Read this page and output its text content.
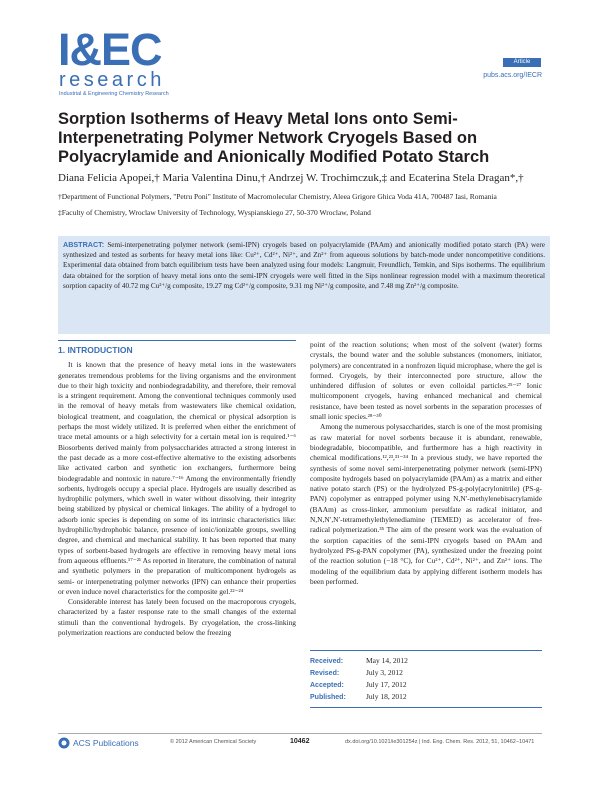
I&EC
research
Industrial & Engineering Chemistry Research
Article
pubs.acs.org/IECR
Sorption Isotherms of Heavy Metal Ions onto Semi-Interpenetrating Polymer Network Cryogels Based on Polyacrylamide and Anionically Modified Potato Starch
Diana Felicia Apopei,† Maria Valentina Dinu,† Andrzej W. Trochimczuk,‡ and Ecaterina Stela Dragan*,†

†Department of Functional Polymers, "Petru Poni" Institute of Macromolecular Chemistry, Aleea Grigore Ghica Voda 41A, 700487 Iasi, Romania

‡Faculty of Chemistry, Wroclaw University of Technology, Wyspianskiego 27, 50-370 Wroclaw, Poland

ABSTRACT: Semi-interpenetrating polymer network (semi-IPN) cryogels based on polyacrylamide (PAAm) and anionically modified potato starch (PA) were synthesized and tested as sorbents for heavy metal ions like: Cu²⁺, Cd²⁺, Ni²⁺, and Zn²⁺ from aqueous solutions by batch-mode under noncompetitive conditions. Experimental data obtained from batch equilibrium tests have been analyzed using four models: Langmuir, Freundlich, Temkin, and Sips isotherms. The equilibrium data obtained for the sorption of heavy metal ions onto the semi-IPN cryogels were well fitted in the Sips nonlinear regression model with a maximum theoretical sorption capacity of 40.72 mg Cu²⁺/g composite, 19.27 mg Cd²⁺/g composite, 9.31 mg Ni²⁺/g composite, and 7.48 mg Zn²⁺/g composite.
1. INTRODUCTION

It is known that the presence of heavy metal ions in the wastewaters generates tremendous problems for the living organisms and the environment due to their high toxicity and nonbiodegradability, and therefore, their removal is a stringent requirement. Among the conventional techniques commonly used in the removal of heavy metals from wastewaters like chemical oxidation, biological treatment, and coagulation, the chemical or physical adsorption is perhaps the most widely utilized. It is preferred when either the enrichment of trace metal amounts or a high selectivity for a certain metal ion is required.¹⁻⁶ Biosorbents derived mainly from polysaccharides attracted a strong interest in the past decade as a more cost-effective alternative to the existing adsorbents like activated carbon and synthetic ion exchangers, furthermore being biodegradable and nontoxic in nature.⁷⁻¹⁶ Among the environmentally friendly sorbents, hydrogels occupy a special place. Hydrogels are usually described as hydrophilic polymers, which swell in water without dissolving, their integrity being stabilized by physical or chemical linkages. The ability of a hydrogel to adsorb ionic species is depending on some of its intrinsic characteristics like: hydrophilic/hydrophobic balance, presence of ionic/ionizable groups, swelling degree, and chemical and mechanical stability. It has been reported that many types of sorbent-based hydrogels are effective in removing heavy metal ions from aqueous effluents.¹⁷⁻²¹ As reported in literature, the combination of natural and synthetic polymers in the preparation of multicomponent hydrogels as semi- or interpenetrating polymer networks (IPN) can enhance their properties or even induce novel characteristics for the composite gel.²²⁻²⁴

Considerable interest has lately been focused on the macroporous cryogels, characterized by a faster response rate to the small changes of the external stimuli than the conventional hydrogels. By cryogelation, the cross-linking polymerization reactions are conducted below the freezing

point of the reaction solutions; when most of the solvent (water) forms crystals, the bound water and the soluble substances (monomers, initiator, polymers) are concentrated in a nonfrozen liquid microphase, where the gel is formed. Cryogels, by their interconnected pore structure, allow the unhindered diffusion of solutes or even colloidal particles.²⁵⁻²⁷ Ionic multicomponent cryogels, having enhanced mechanical and chemical resistance, have been tested as novel sorbents in the separation processes of small ionic species.²⁸⁻³⁰

Among the numerous polysaccharides, starch is one of the most promising as raw material for novel sorbents because it is abundant, renewable, biodegradable, biocompatible, and furthermore has a high reactivity in chemical modifications.¹²,²³,³¹⁻³⁴ In a previous study, we have reported the synthesis of some novel semi-interpenetrating polymer network (semi-IPN) composite hydrogels based on polyacrylamide (PAAm) as a matrix and either native potato starch (PS) or the hydrolyzed PS-g-poly(acrylonitrile) (PS-g-PAN) copolymer as entrapped polymer using N,N′-methylenebisacrylamide (BAAm) as cross-linker, ammonium persulfate as radical initiator, and N,N,N′,N′-tetramethylethylenediamine (TEMED) as accelerator of free-radical polymerization.³⁵ The aim of the present work was the evaluation of the sorption capacities of the semi-IPN cryogels based on PAAm and hydrolyzed PS-g-PAN copolymer (PA), synthesized under the freezing point of the reaction solution (−18 °C), for Cu²⁺, Cd²⁺, Ni²⁺, and Zn²⁺ ions. The modeling of the equilibrium data by applying different isotherm models has been performed.

Received:	May 14, 2012
Revised:	July 3, 2012
Accepted:	July 17, 2012
Published:	July 18, 2012
ACS Publications	© 2012 American Chemical Society	10462	dx.doi.org/10.1021/ie301254z | Ind. Eng. Chem. Res. 2012, 51, 10462−10471
